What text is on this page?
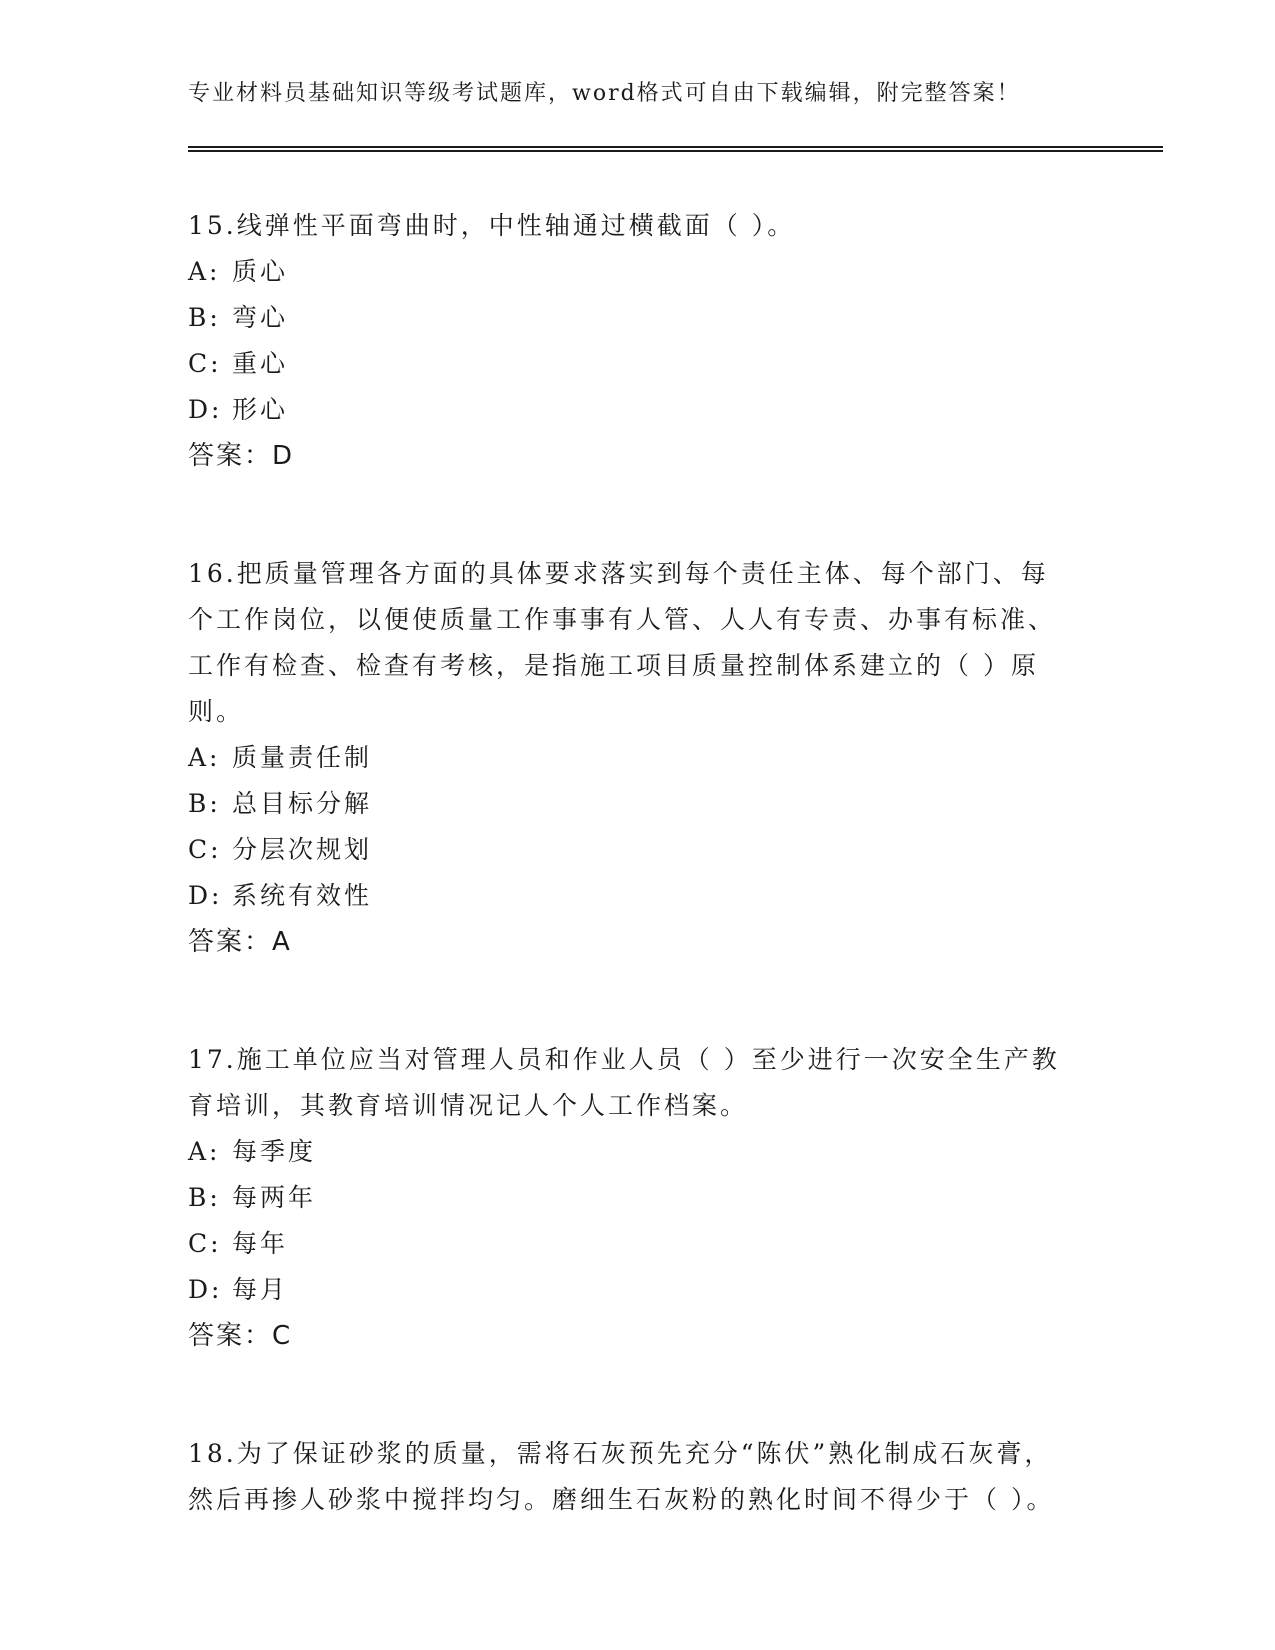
专业材料员基础知识等级考试题库，word格式可自由下载编辑，附完整答案！

15.线弹性平面弯曲时，中性轴通过横截面（ ）。

A: 质心
B: 弯心
C: 重心
D: 形心

答案：D

16.把质量管理各方面的具体要求落实到每个责任主体、每个部门、每个工作岗位，以便使质量工作事事有人管、人人有专责、办事有标准、工作有检查、检查有考核，是指施工项目质量控制体系建立的（ ）原则。

A: 质量责任制
B: 总目标分解
C: 分层次规划
D: 系统有效性

答案：A

17.施工单位应当对管理人员和作业人员（ ）至少进行一次安全生产教育培训，其教育培训情况记人个人工作档案。

A: 每季度
B: 每两年
C: 每年
D: 每月

答案：C

18.为了保证砂浆的质量，需将石灰预先充分“陈伏”熟化制成石灰膏，然后再掺人砂浆中搅拌均匀。磨细生石灰粉的熟化时间不得少于（ ）。
